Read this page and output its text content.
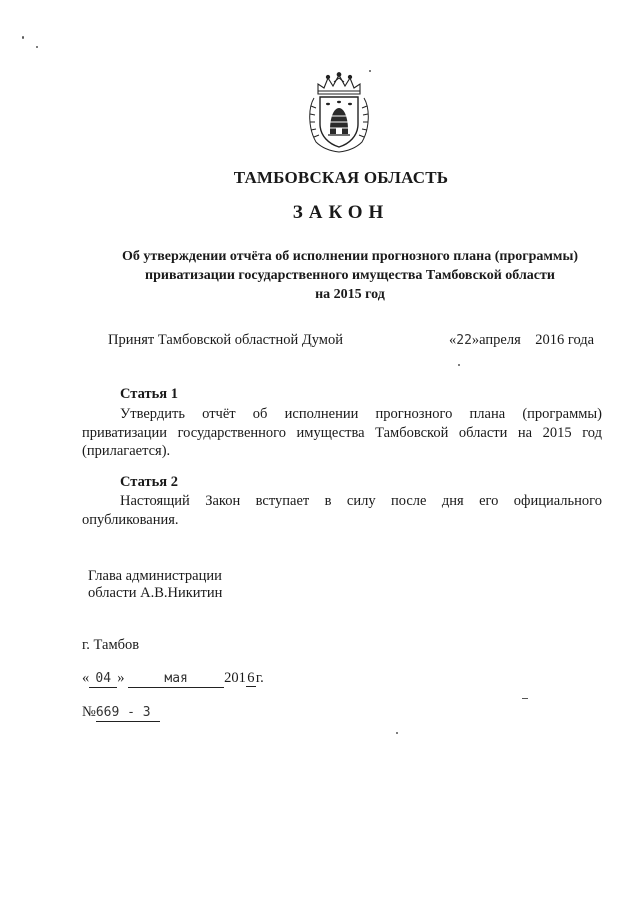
ТАМБОВСКАЯ ОБЛАСТЬ
ЗАКОН
Об утверждении отчёта об исполнении прогнозного плана (программы)
приватизации государственного имущества Тамбовской области
на 2015 год
Принят Тамбовской областной Думой	«22»апреля    2016 года
Статья 1
Утвердить отчёт об исполнении прогнозного плана (программы) приватизации государственного имущества Тамбовской области на 2015 год (прилагается).
Статья 2
Настоящий Закон вступает в силу после дня его официального опубликования.
Глава администрации
области А.В.Никитин
г. Тамбов
« 04 »	мая	2016г.
№669 - З
